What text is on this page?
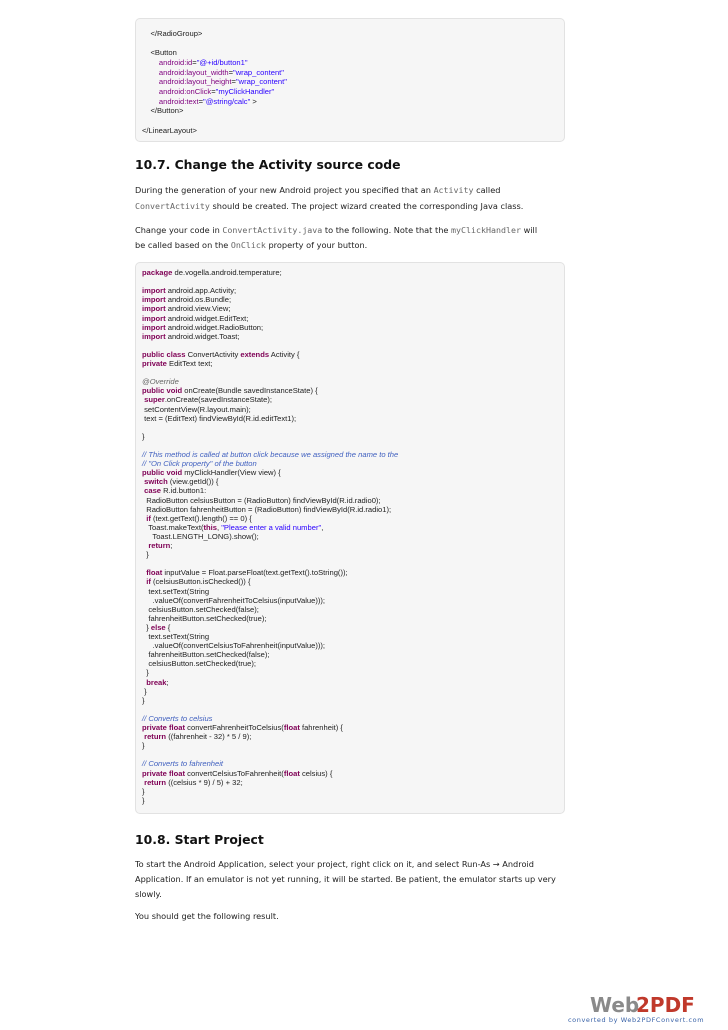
</RadioGroup>
<Button
android:id="@+id/button1"
android:layout_width="wrap_content"
android:layout_height="wrap_content"
android:onClick="myClickHandler"
android:text="@string/calc" >
</Button>
</LinearLayout>
10.7. Change the Activity source code
During the generation of your new Android project you specified that an Activity called
ConvertActivity should be created. The project wizard created the corresponding Java class.
Change your code in ConvertActivity.java to the following. Note that the myClickHandler will
be called based on the OnClick property of your button.
package de.vogella.android.temperature;
import android.app.Activity;
import android.os.Bundle;
import android.view.View;
import android.widget.EditText;
import android.widget.RadioButton;
import android.widget.Toast;
public class ConvertActivity extends Activity {
private EditText text;
@Override
public void onCreate(Bundle savedInstanceState) {
super.onCreate(savedInstanceState);
setContentView(R.layout.main);
text = (EditText) findViewById(R.id.editText1);
}
// This method is called at button click because we assigned the name to the
// "On Click property" of the button
public void myClickHandler(View view) {
switch (view.getId()) {
case R.id.button1:
RadioButton celsiusButton = (RadioButton) findViewById(R.id.radio0);
RadioButton fahrenheitButton = (RadioButton) findViewById(R.id.radio1);
if (text.getText().length() == 0) {
Toast.makeText(this, "Please enter a valid number",
Toast.LENGTH_LONG).show();
return;
}
float inputValue = Float.parseFloat(text.getText().toString());
if (celsiusButton.isChecked()) {
text.setText(String
.valueOf(convertFahrenheitToCelsius(inputValue)));
celsiusButton.setChecked(false);
fahrenheitButton.setChecked(true);
} else {
text.setText(String
.valueOf(convertCelsiusToFahrenheit(inputValue)));
fahrenheitButton.setChecked(false);
celsiusButton.setChecked(true);
}
break;
}
}
// Converts to celsius
private float convertFahrenheitToCelsius(float fahrenheit) {
return ((fahrenheit - 32) * 5 / 9);
}
// Converts to fahrenheit
private float convertCelsiusToFahrenheit(float celsius) {
return ((celsius * 9) / 5) + 32;
}
}
10.8. Start Project
To start the Android Application, select your project, right click on it, and select Run-As → Android
Application. If an emulator is not yet running, it will be started. Be patient, the emulator starts up very
slowly.
You should get the following result.
Web
2PDF
converted by Web2PDFConvert.com
